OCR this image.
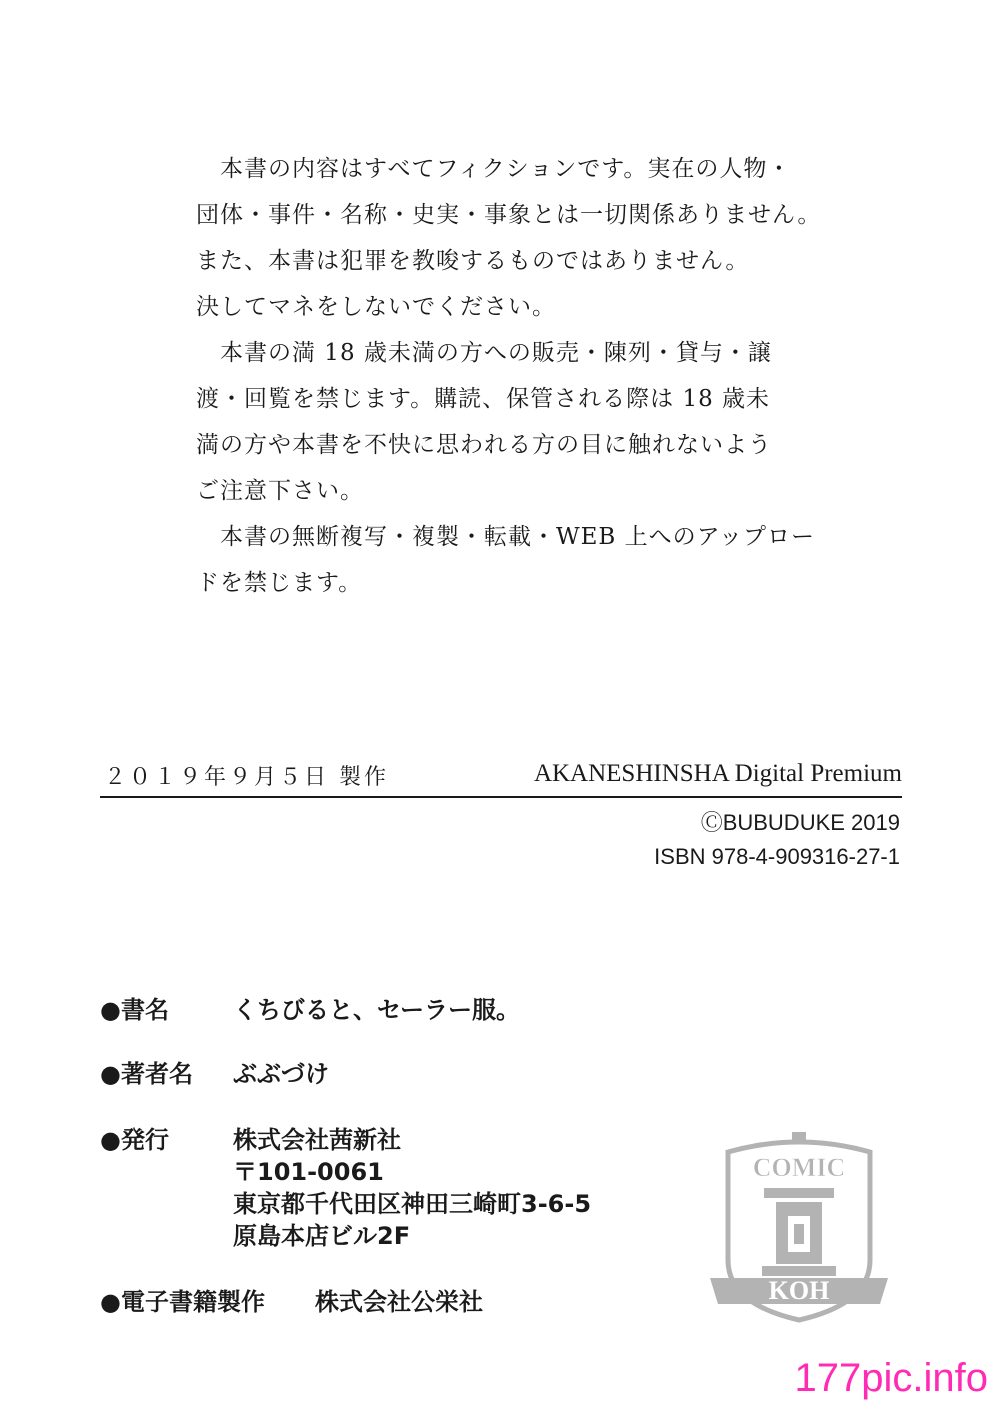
　本書の内容はすべてフィクションです。実在の人物・

団体・事件・名称・史実・事象とは一切関係ありません。

また、本書は犯罪を教唆するものではありません。

決してマネをしないでください。

　本書の満 18 歳未満の方への販売・陳列・貸与・譲

渡・回覧を禁じます。購読、保管される際は 18 歳未

満の方や本書を不快に思われる方の目に触れないよう

ご注意下さい。

　本書の無断複写・複製・転載・WEB 上へのアップロー

ドを禁じます。

２０１９年９月５日 製作	AKANESHINSHA Digital Premium
ⒸBUBUDUKE 2019
ISBN 978-4-909316-27-1
●書名	くちびると、セーラー服。
●著者名 ぶぶづけ
●発行	株式会社茜新社
〒101-0061
東京都千代田区神田三崎町3-6-5
原島本店ビル2F
●電子書籍製作 株式会社公栄社
COMIC
KOH
177pic.info
